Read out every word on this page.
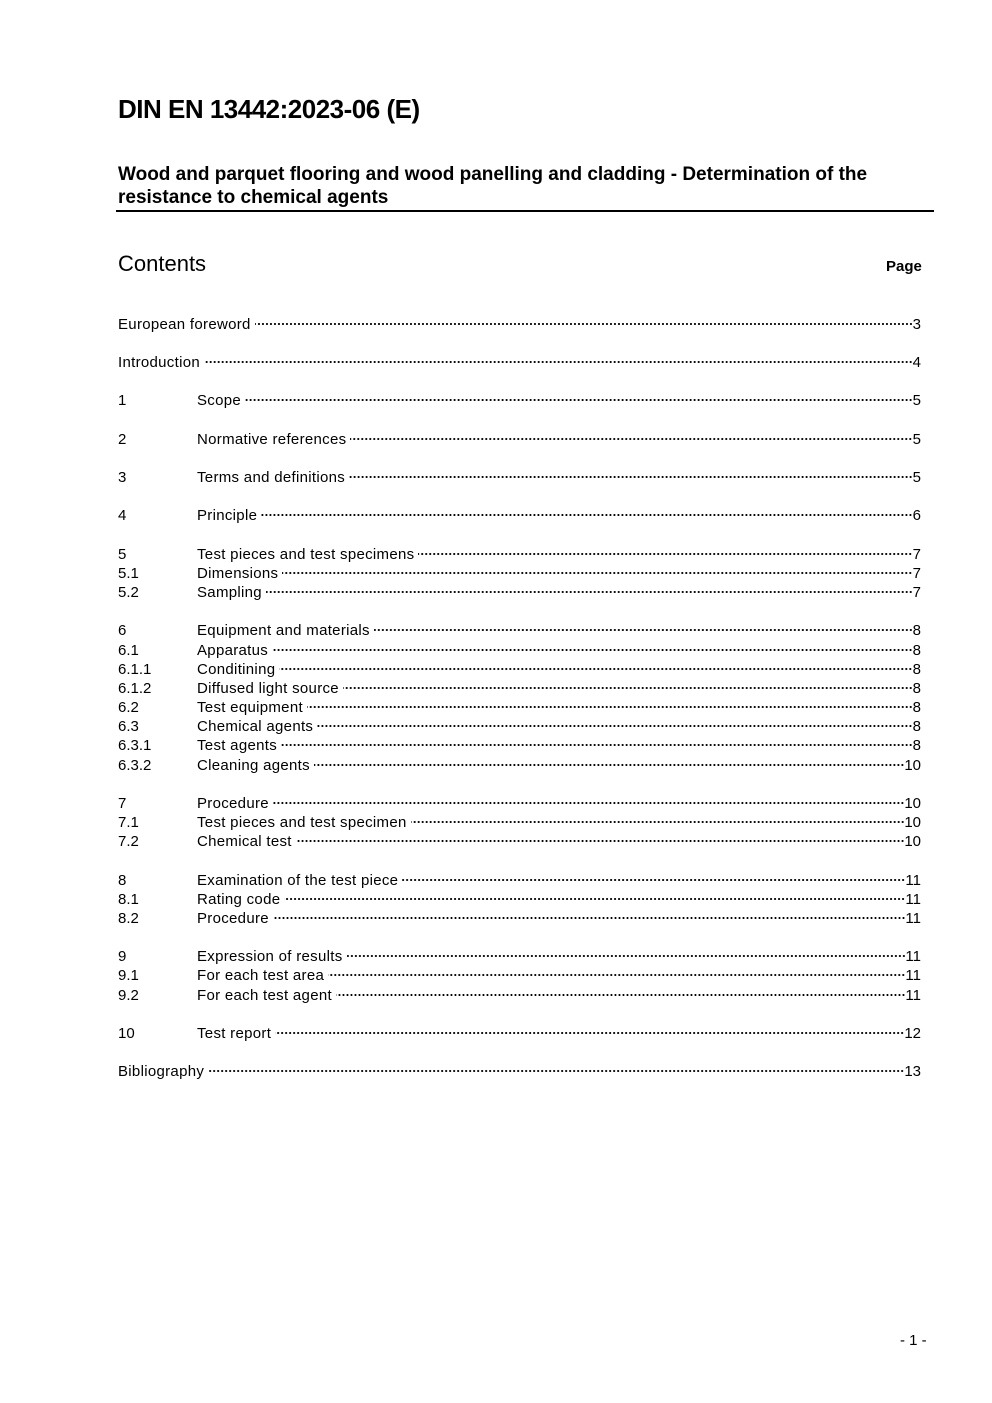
DIN EN 13442:2023-06 (E)
Wood and parquet flooring and wood panelling and cladding - Determination of the resistance to chemical agents
Contents	Page
European foreword	3
Introduction	4
1	Scope	5
2	Normative references	5
3	Terms and definitions	5
4	Principle	6
5	Test pieces and test specimens	7
5.1	Dimensions	7
5.2	Sampling	7
6	Equipment and materials	8
6.1	Apparatus	8
6.1.1	Conditining	8
6.1.2	Diffused light source	8
6.2	Test equipment	8
6.3	Chemical agents	8
6.3.1	Test agents	8
6.3.2	Cleaning agents	10
7	Procedure	10
7.1	Test pieces and test specimen	10
7.2	Chemical test	10
8	Examination of the test piece	11
8.1	Rating code	11
8.2	Procedure	11
9	Expression of results	11
9.1	For each test area	11
9.2	For each test agent	11
10	Test report	12
Bibliography	13
- 1 -
